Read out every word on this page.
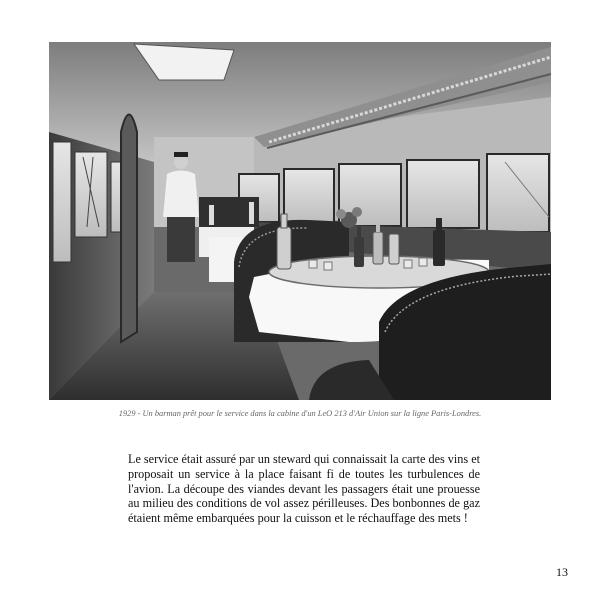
1929 - Un barman prêt pour le service dans la cabine d'un LeO 213 d'Air Union sur la ligne Paris-Londres.

Le service était assuré par un steward qui connaissait la carte des vins et proposait un service à la place faisant fi de toutes les turbulences de l'avion. La découpe des viandes devant les passagers était une prouesse au milieu des conditions de vol assez périlleuses. Des bonbonnes de gaz étaient même embarquées pour la cuisson et le réchauffage des mets !

13
